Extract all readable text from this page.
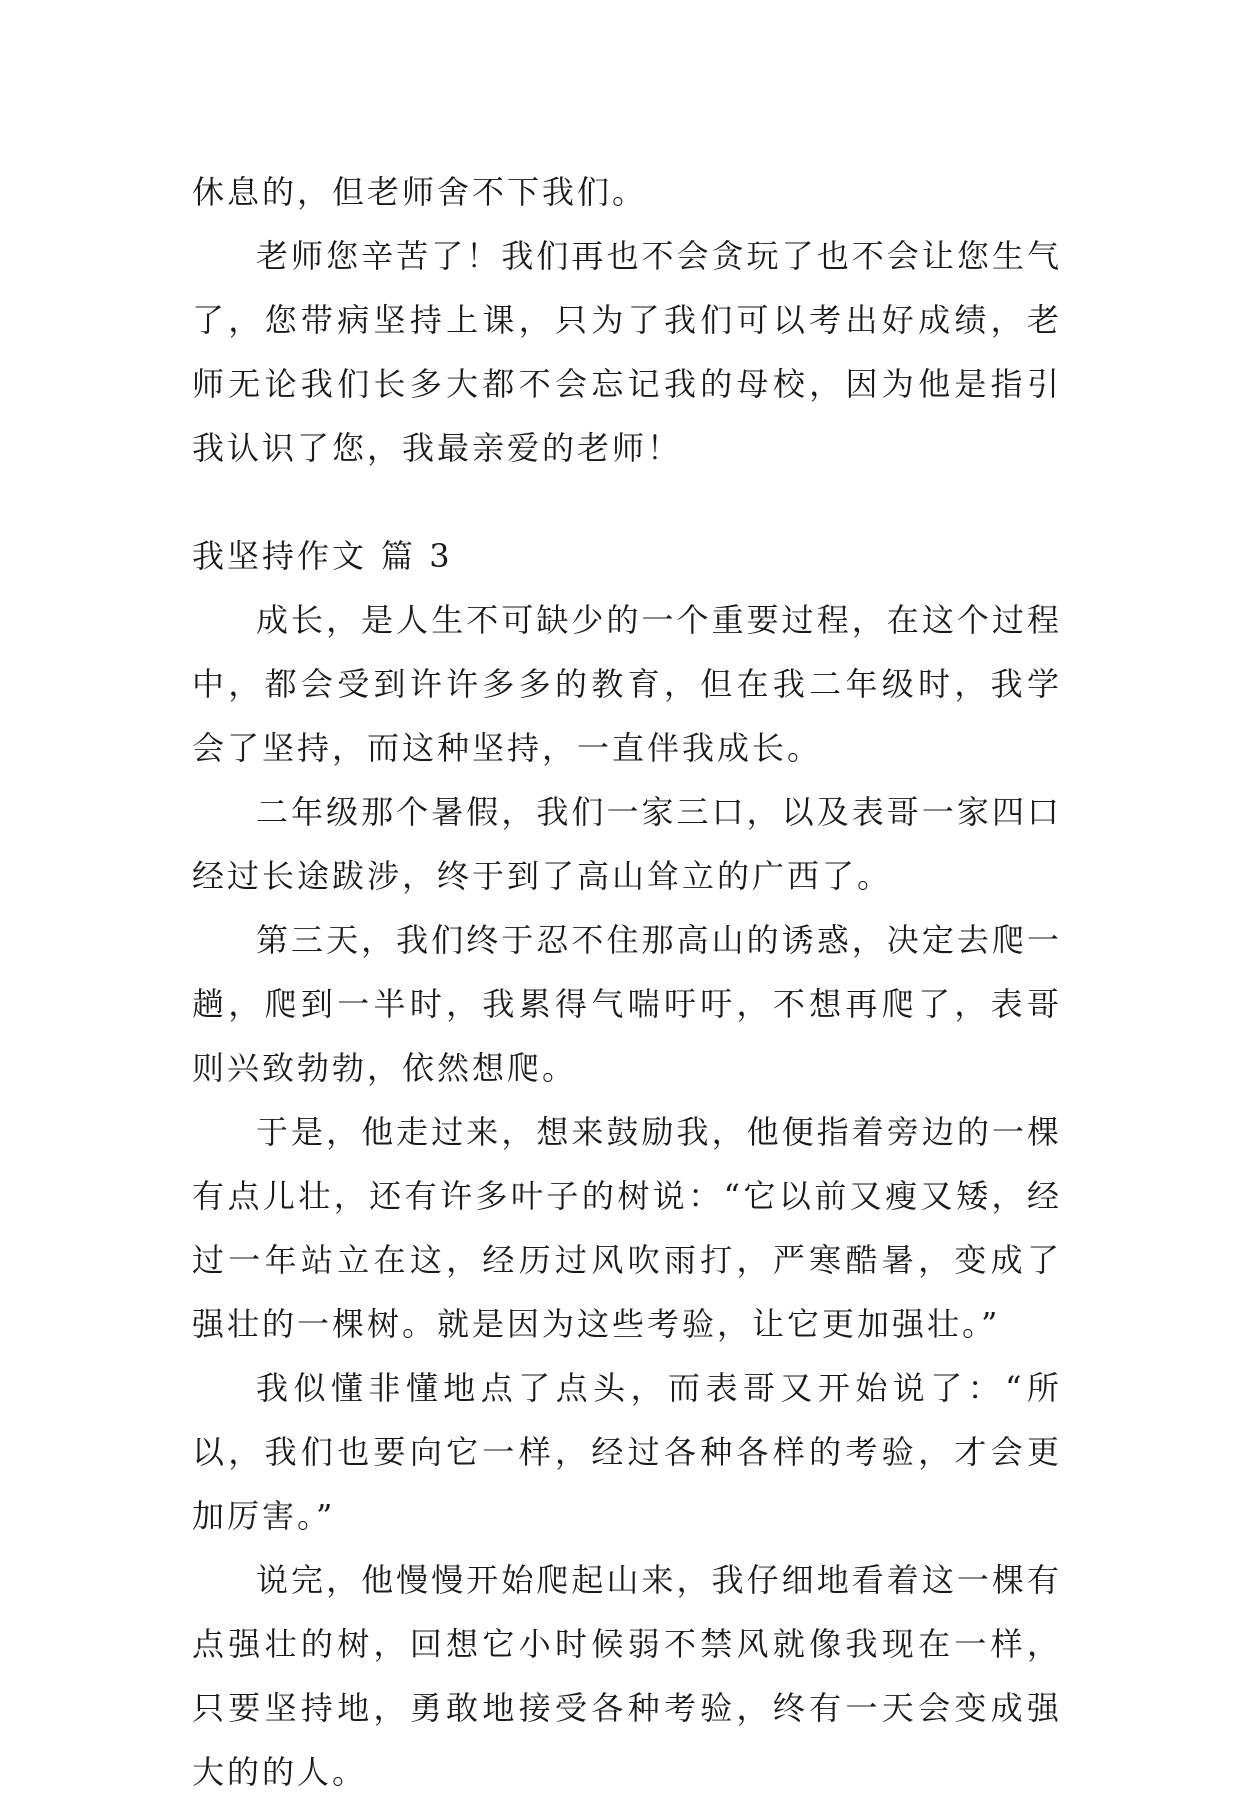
休息的，但老师舍不下我们。

老师您辛苦了！我们再也不会贪玩了也不会让您生气了，您带病坚持上课，只为了我们可以考出好成绩，老师无论我们长多大都不会忘记我的母校，因为他是指引我认识了您，我最亲爱的老师！

我坚持作文 篇 3

成长，是人生不可缺少的一个重要过程，在这个过程中，都会受到许许多多的教育，但在我二年级时，我学会了坚持，而这种坚持，一直伴我成长。

二年级那个暑假，我们一家三口，以及表哥一家四口经过长途跋涉，终于到了高山耸立的广西了。

第三天，我们终于忍不住那高山的诱惑，决定去爬一趟，爬到一半时，我累得气喘吁吁，不想再爬了，表哥则兴致勃勃，依然想爬。

于是，他走过来，想来鼓励我，他便指着旁边的一棵有点儿壮，还有许多叶子的树说：“它以前又瘦又矮，经过一年站立在这，经历过风吹雨打，严寒酷暑，变成了强壮的一棵树。就是因为这些考验，让它更加强壮。”

我似懂非懂地点了点头，而表哥又开始说了：“所以，我们也要向它一样，经过各种各样的考验，才会更加厉害。”

说完，他慢慢开始爬起山来，我仔细地看着这一棵有点强壮的树，回想它小时候弱不禁风就像我现在一样，只要坚持地，勇敢地接受各种考验，终有一天会变成强大的的人。
